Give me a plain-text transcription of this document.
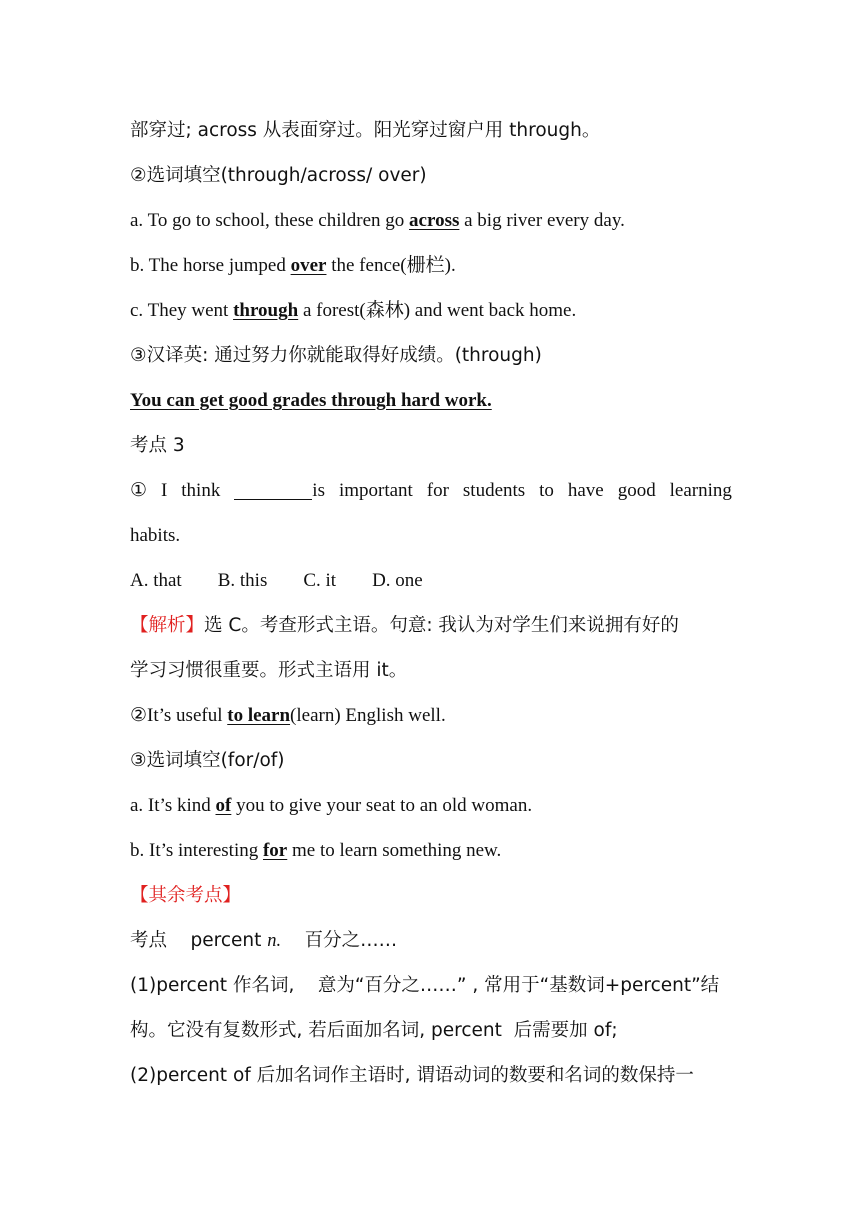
部穿过; across 从表面穿过。阳光穿过窗户用 through。
②选词填空(through/across/ over)
a. To go to school, these children go across a big river every day.
b. The horse jumped over the fence(栅栏).
c. They went through a forest(森林) and went back home.
③汉译英: 通过努力你就能取得好成绩。(through)
You can get good grades through hard work.
考点 3
① I think	is important for students to have good learning
habits.
A. that B. this C. it D. one
【解析】选 C。考查形式主语。句意: 我认为对学生们来说拥有好的
学习习惯很重要。形式主语用 it。
②It’s useful to learn(learn) English well.
③选词填空(for/of)
a. It’s kind of you to give your seat to an old woman.
b. It’s interesting for me to learn something new.
【其余考点】
考点    percent n.    百分之……
(1)percent 作名词,    意为“百分之……” , 常用于“基数词+percent”结
构。它没有复数形式, 若后面加名词, percent  后需要加 of;
(2)percent of 后加名词作主语时, 谓语动词的数要和名词的数保持一
